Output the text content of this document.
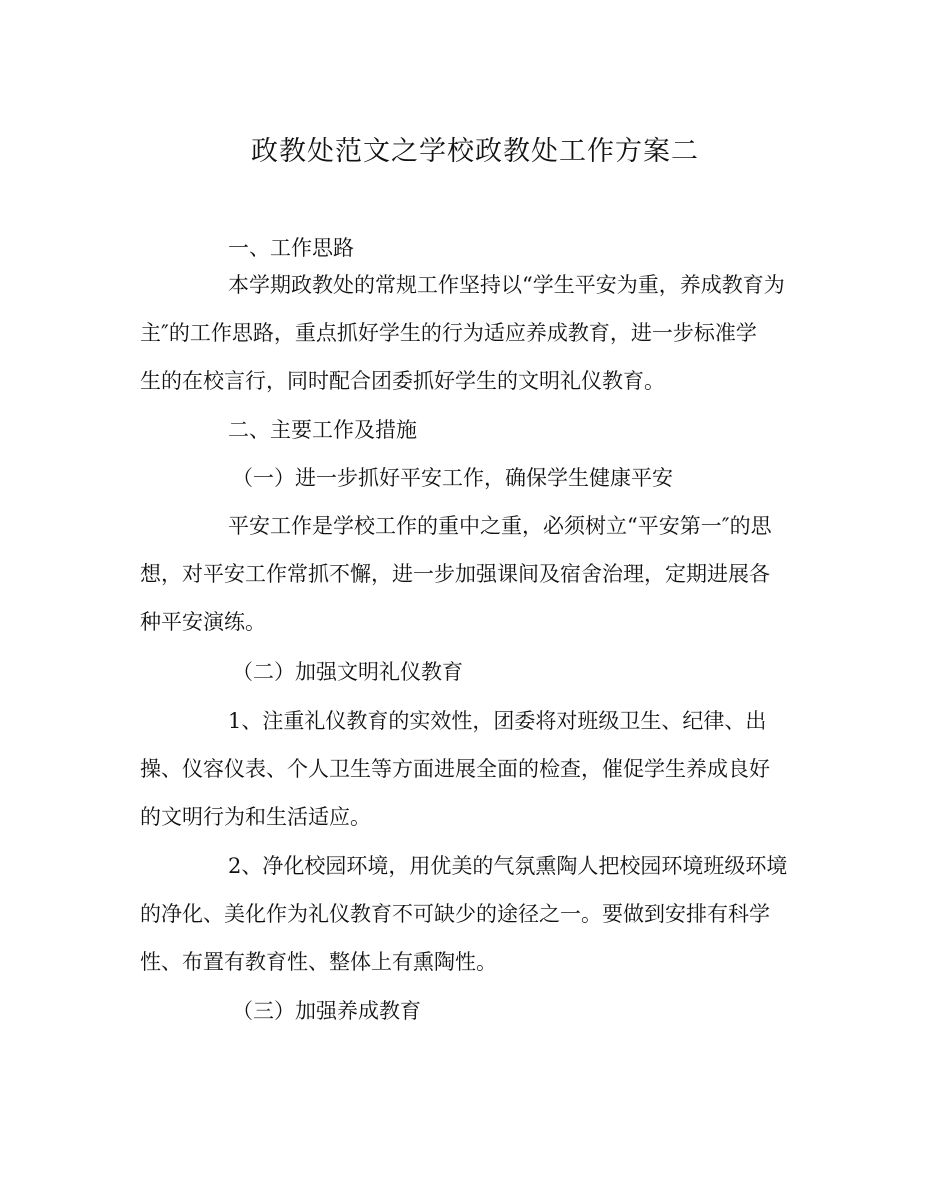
政教处范文之学校政教处工作方案二
一、工作思路
本学期政教处的常规工作坚持以“学生平安为重，养成教育为
主″的工作思路，重点抓好学生的行为适应养成教育，进一步标准学
生的在校言行，同时配合团委抓好学生的文明礼仪教育。
二、主要工作及措施
（一）进一步抓好平安工作，确保学生健康平安
平安工作是学校工作的重中之重，必须树立“平安第一″的思
想，对平安工作常抓不懈，进一步加强课间及宿舍治理，定期进展各
种平安演练。
（二）加强文明礼仪教育
1、注重礼仪教育的实效性，团委将对班级卫生、纪律、出
操、仪容仪表、个人卫生等方面进展全面的检查，催促学生养成良好
的文明行为和生活适应。
2、净化校园环境，用优美的气氛熏陶人把校园环境班级环境
的净化、美化作为礼仪教育不可缺少的途径之一。要做到安排有科学
性、布置有教育性、整体上有熏陶性。
（三）加强养成教育
